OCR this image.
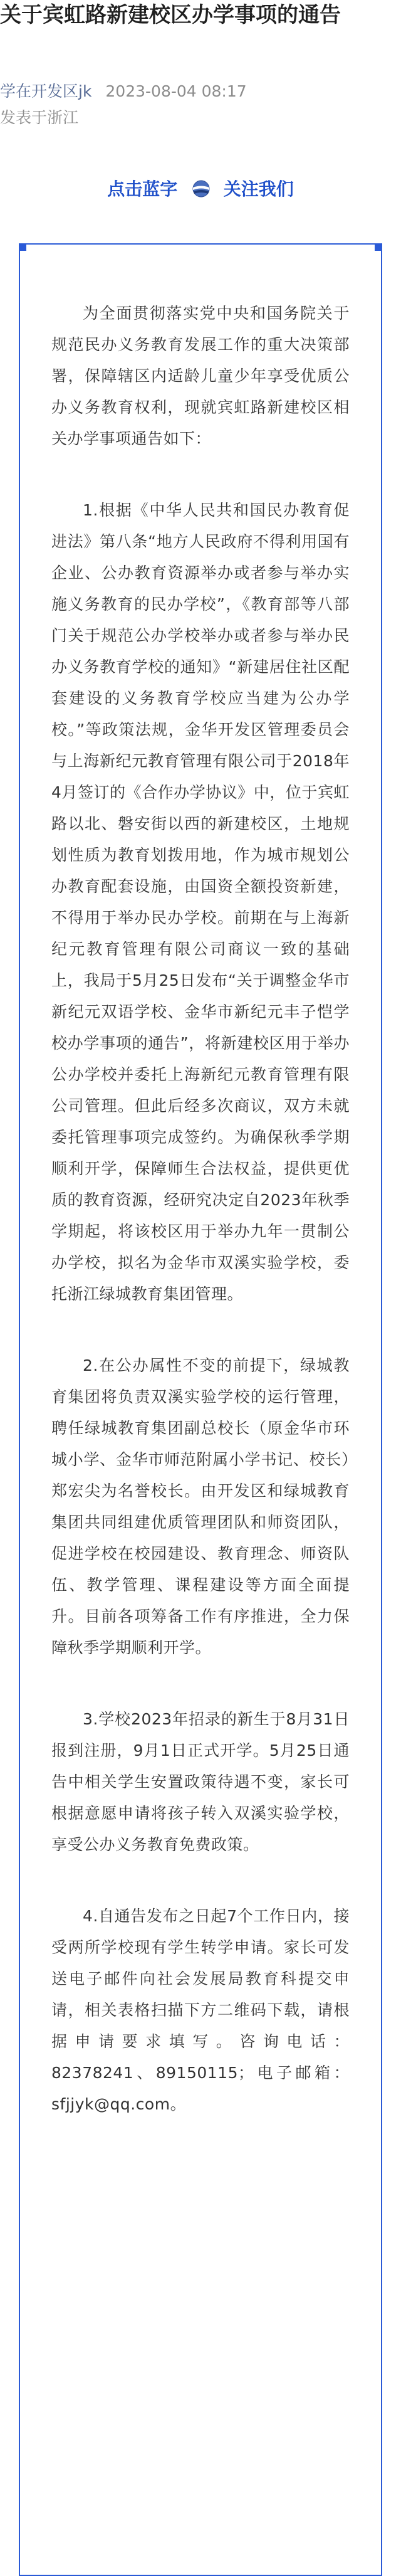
关于宾虹路新建校区办学事项的通告
学在开发区jk 2023-08-04 08:17
发表于浙江
点击蓝字	关注我们

为全面贯彻落实党中央和国务院关于规范民办义务教育发展工作的重大决策部署，保障辖区内适龄儿童少年享受优质公办义务教育权利，现就宾虹路新建校区相关办学事项通告如下：

1.根据《中华人民共和国民办教育促进法》第八条“地方人民政府不得利用国有企业、公办教育资源举办或者参与举办实施义务教育的民办学校”，《教育部等八部门关于规范公办学校举办或者参与举办民办义务教育学校的通知》“新建居住社区配套建设的义务教育学校应当建为公办学校。”等政策法规，金华开发区管理委员会与上海新纪元教育管理有限公司于2018年4月签订的《合作办学协议》中，位于宾虹路以北、磐安街以西的新建校区，土地规划性质为教育划拨用地，作为城市规划公办教育配套设施，由国资全额投资新建，不得用于举办民办学校。前期在与上海新纪元教育管理有限公司商议一致的基础上，我局于5月25日发布“关于调整金华市新纪元双语学校、金华市新纪元丰子恺学校办学事项的通告”，将新建校区用于举办公办学校并委托上海新纪元教育管理有限公司管理。但此后经多次商议，双方未就委托管理事项完成签约。为确保秋季学期顺利开学，保障师生合法权益，提供更优质的教育资源，经研究决定自2023年秋季学期起，将该校区用于举办九年一贯制公办学校，拟名为金华市双溪实验学校，委托浙江绿城教育集团管理。

2.在公办属性不变的前提下，绿城教育集团将负责双溪实验学校的运行管理，聘任绿城教育集团副总校长（原金华市环城小学、金华市师范附属小学书记、校长）郑宏尖为名誉校长。由开发区和绿城教育集团共同组建优质管理团队和师资团队，促进学校在校园建设、教育理念、师资队伍、教学管理、课程建设等方面全面提升。目前各项筹备工作有序推进，全力保障秋季学期顺利开学。

3.学校2023年招录的新生于8月31日报到注册，9月1日正式开学。5月25日通告中相关学生安置政策待遇不变，家长可根据意愿申请将孩子转入双溪实验学校，享受公办义务教育免费政策。

4.自通告发布之日起7个工作日内，接受两所学校现有学生转学申请。家长可发送电子邮件向社会发展局教育科提交申请，相关表格扫描下方二维码下载，请根据申请要求填写。咨询电话：82378241、89150115；电子邮箱：sfjjyk@qq.com。
